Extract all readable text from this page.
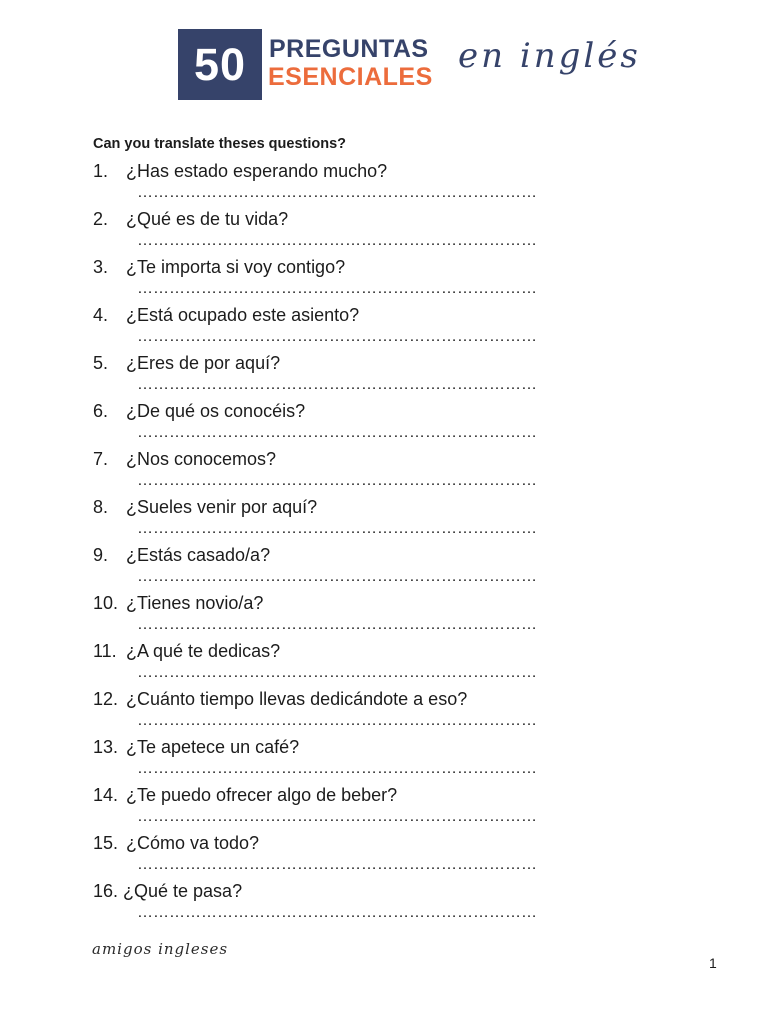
50 PREGUNTAS
ESENCIALES
en inglés
Can you translate theses questions?
1. ¿Has estado esperando mucho?
…………………………………………………………………
2. ¿Qué es de tu vida?
…………………………………………………………………
3. ¿Te importa si voy contigo?
…………………………………………………………………
4. ¿Está ocupado este asiento?
…………………………………………………………………
5. ¿Eres de por aquí?
…………………………………………………………………
6. ¿De qué os conocéis?
…………………………………………………………………
7. ¿Nos conocemos?
…………………………………………………………………
8. ¿Sueles venir por aquí?
…………………………………………………………………
9. ¿Estás casado/a?
…………………………………………………………………
10. ¿Tienes novio/a?
…………………………………………………………………
11. ¿A qué te dedicas?
…………………………………………………………………
12. ¿Cuánto tiempo llevas dedicándote a eso?
…………………………………………………………………
13. ¿Te apetece un café?
…………………………………………………………………
14. ¿Te puedo ofrecer algo de beber?
…………………………………………………………………
15. ¿Cómo va todo?
…………………………………………………………………
16. ¿Qué te pasa?
…………………………………………………………………
amigos ingleses
1
